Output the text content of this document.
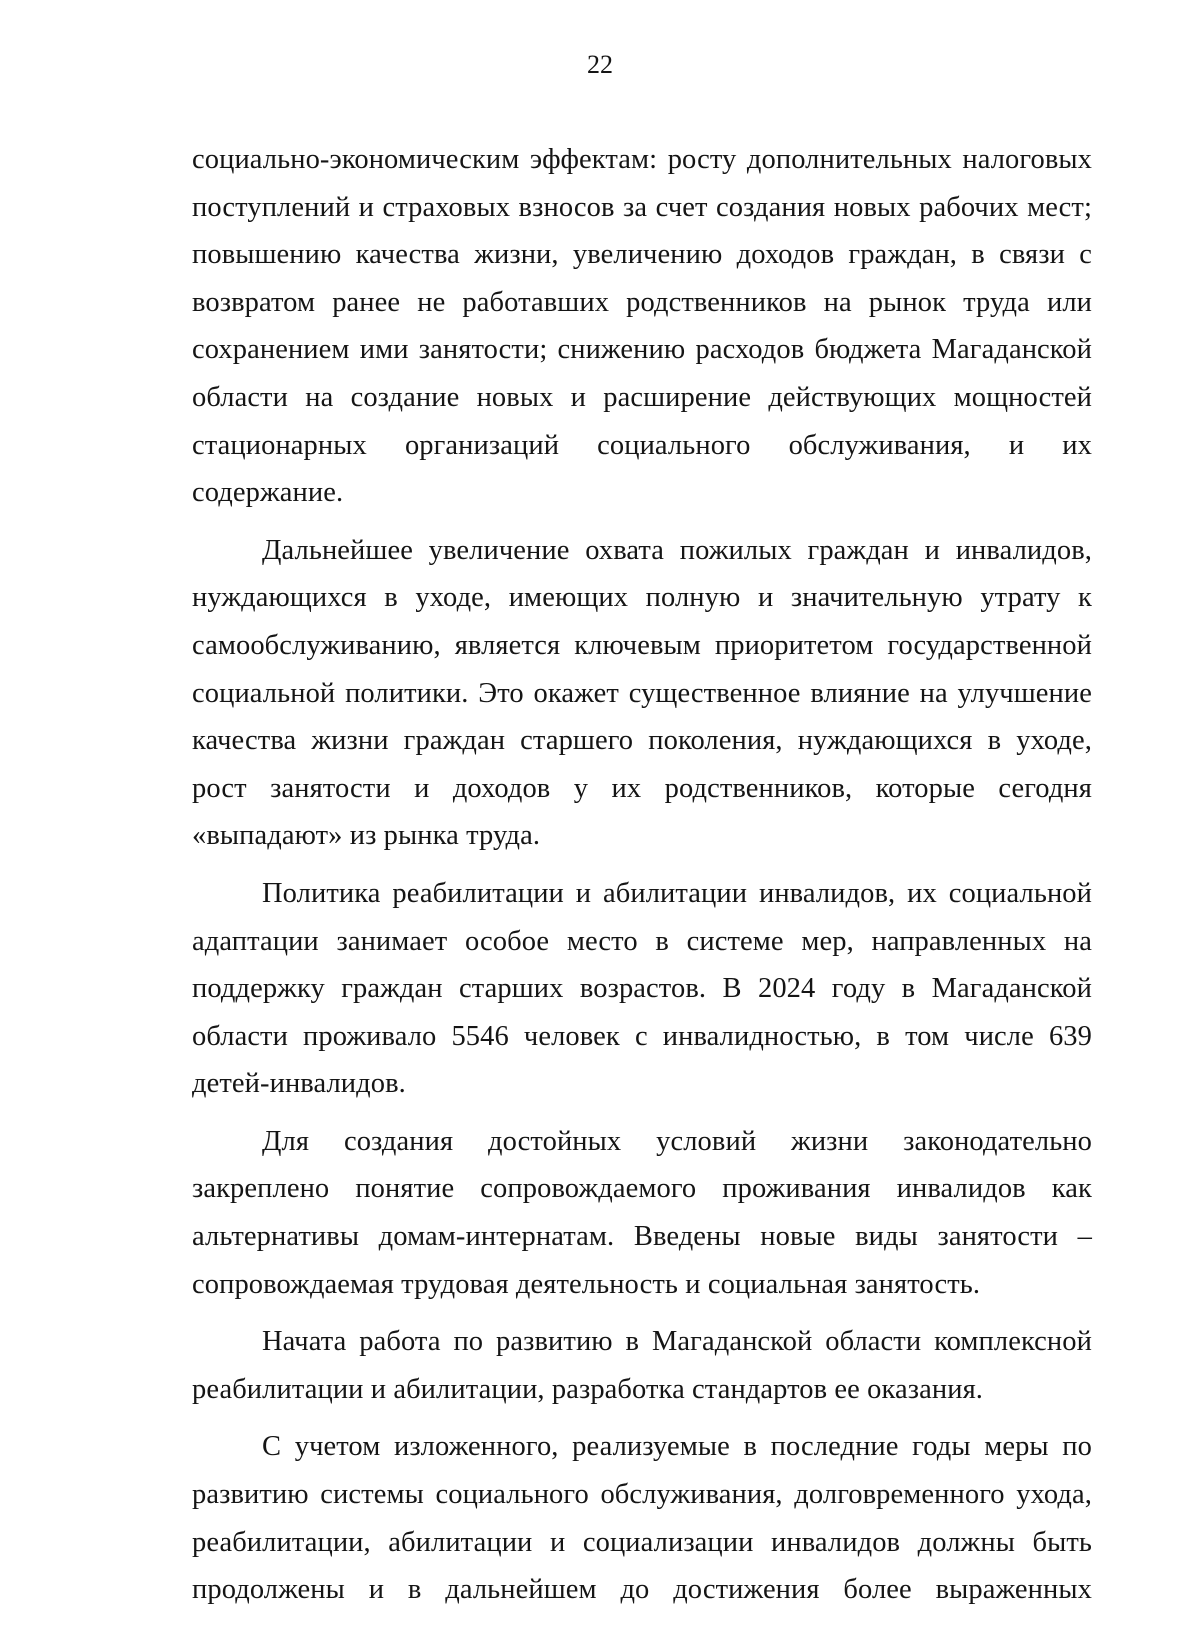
22

социально-экономическим эффектам: росту дополнительных налоговых поступлений и страховых взносов за счет создания новых рабочих мест; повышению качества жизни, увеличению доходов граждан, в связи с возвратом ранее не работавших родственников на рынок труда или сохранением ими занятости; снижению расходов бюджета Магаданской области на создание новых и расширение действующих мощностей стационарных организаций социального обслуживания, и их содержание.

Дальнейшее увеличение охвата пожилых граждан и инвалидов, нуждающихся в уходе, имеющих полную и значительную утрату к самообслуживанию, является ключевым приоритетом государственной социальной политики. Это окажет существенное влияние на улучшение качества жизни граждан старшего поколения, нуждающихся в уходе, рост занятости и доходов у их родственников, которые сегодня «выпадают» из рынка труда.

Политика реабилитации и абилитации инвалидов, их социальной адаптации занимает особое место в системе мер, направленных на поддержку граждан старших возрастов. В 2024 году в Магаданской области проживало 5546 человек с инвалидностью, в том числе 639 детей-инвалидов.

Для создания достойных условий жизни законодательно закреплено понятие сопровождаемого проживания инвалидов как альтернативы домам-интернатам. Введены новые виды занятости – сопровождаемая трудовая деятельность и социальная занятость.

Начата работа по развитию в Магаданской области комплексной реабилитации и абилитации, разработка стандартов ее оказания.

С учетом изложенного, реализуемые в последние годы меры по развитию системы социального обслуживания, долговременного ухода, реабилитации, абилитации и социализации инвалидов должны быть продолжены и в дальнейшем до достижения более выраженных
